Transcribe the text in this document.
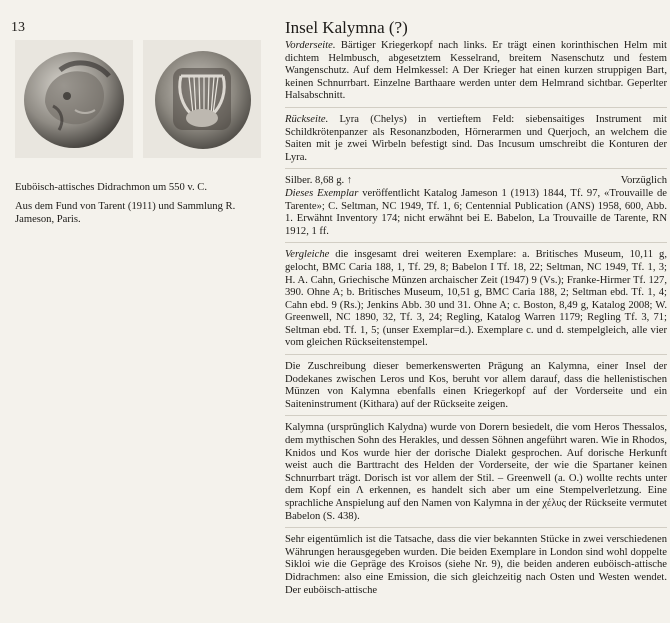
13
Euböisch-attisches Didrachmon um 550 v. C.
Aus dem Fund von Tarent (1911) und Sammlung R. Jameson, Paris.
Insel Kalymna (?)

Vorderseite. Bärtiger Kriegerkopf nach links. Er trägt einen korinthischen Helm mit dichtem Helmbusch, abgesetztem Kesselrand, breitem Nasenschutz und festem Wangenschutz. Auf dem Helmkessel: A Der Krieger hat einen kurzen struppigen Bart, keinen Schnurrbart. Einzelne Barthaare werden unter dem Helmrand sichtbar. Geperlter Halsabschnitt.

Rückseite. Lyra (Chelys) in vertieftem Feld: siebensaitiges Instrument mit Schildkrötenpanzer als Resonanzboden, Hörnerarmen und Querjoch, an welchem die Saiten mit je zwei Wirbeln befestigt sind. Das Incusum umschreibt die Konturen der Lyra.

Silber. 8,68 g. ↑	Vorzüglich
Dieses Exemplar veröffentlicht Katalog Jameson 1 (1913) 1844, Tf. 97, «Trouvaille de Tarente»; C. Seltman, NC 1949, Tf. 1, 6; Centennial Publication (ANS) 1958, 600, Abb. 1. Erwähnt Inventory 174; nicht erwähnt bei E. Babelon, La Trouvaille de Tarente, RN 1912, 1 ff.

Vergleiche die insgesamt drei weiteren Exemplare: a. Britisches Museum, 10,11 g, gelocht, BMC Caria 188, 1, Tf. 29, 8; Babelon I Tf. 18, 22; Seltman, NC 1949, Tf. 1, 3; H. A. Cahn, Griechische Münzen archaischer Zeit (1947) 9 (Vs.); Franke-Hirmer Tf. 127, 390. Ohne A; b. Britisches Museum, 10,51 g, BMC Caria 188, 2; Seltman ebd. Tf. 1, 4; Cahn ebd. 9 (Rs.); Jenkins Abb. 30 und 31. Ohne A; c. Boston, 8,49 g, Katalog 2008; W. Greenwell, NC 1890, 32, Tf. 3, 24; Regling, Katalog Warren 1179; Regling Tf. 3, 71; Seltman ebd. Tf. 1, 5; (unser Exemplar=d.). Exemplare c. und d. stempelgleich, alle vier vom gleichen Rückseitenstempel.

Die Zuschreibung dieser bemerkenswerten Prägung an Kalymna, einer Insel der Dodekanes zwischen Leros und Kos, beruht vor allem darauf, dass die hellenistischen Münzen von Kalymna ebenfalls einen Kriegerkopf auf der Vorderseite und ein Saiteninstrument (Kithara) auf der Rückseite zeigen.

Kalymna (ursprünglich Kalydna) wurde von Dorern besiedelt, die vom Heros Thessalos, dem mythischen Sohn des Herakles, und dessen Söhnen angeführt waren. Wie in Rhodos, Knidos und Kos wurde hier der dorische Dialekt gesprochen. Auf dorische Herkunft weist auch die Barttracht des Helden der Vorderseite, der wie die Spartaner keinen Schnurrbart trägt. Dorisch ist vor allem der Stil. – Greenwell (a. O.) wollte rechts unter dem Kopf ein Λ erkennen, es handelt sich aber um eine Stempelverletzung. Eine sprachliche Anspielung auf den Namen von Kalymna in der χέλυς der Rückseite vermutet Babelon (S. 438).

Sehr eigentümlich ist die Tatsache, dass die vier bekannten Stücke in zwei verschiedenen Währungen herausgegeben wurden. Die beiden Exemplare in London sind wohl doppelte Sikloi wie die Gepräge des Kroisos (siehe Nr. 9), die beiden anderen euböisch-attische Didrachmen: also eine Emission, die sich gleichzeitig nach Osten und Westen wendet. Der euböisch-attische
